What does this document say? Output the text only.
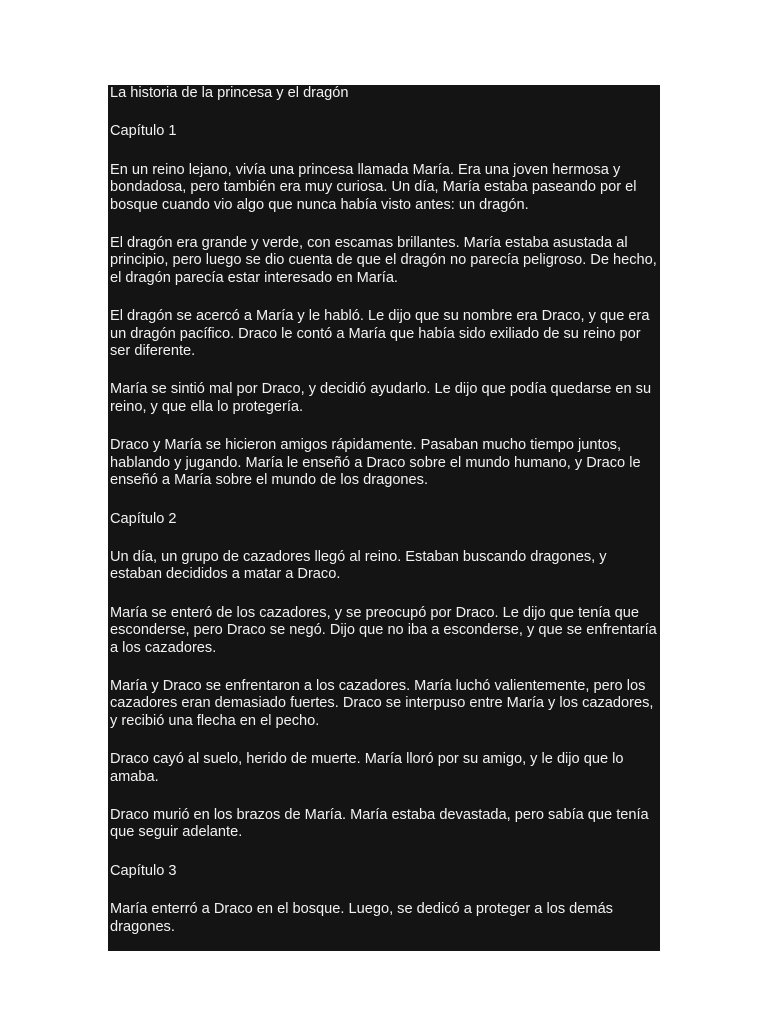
La historia de la princesa y el dragón

Capítulo 1

En un reino lejano, vivía una princesa llamada María. Era una joven hermosa y bondadosa, pero también era muy curiosa. Un día, María estaba paseando por el bosque cuando vio algo que nunca había visto antes: un dragón.

El dragón era grande y verde, con escamas brillantes. María estaba asustada al principio, pero luego se dio cuenta de que el dragón no parecía peligroso. De hecho, el dragón parecía estar interesado en María.

El dragón se acercó a María y le habló. Le dijo que su nombre era Draco, y que era un dragón pacífico. Draco le contó a María que había sido exiliado de su reino por ser diferente.

María se sintió mal por Draco, y decidió ayudarlo. Le dijo que podía quedarse en su reino, y que ella lo protegería.

Draco y María se hicieron amigos rápidamente. Pasaban mucho tiempo juntos, hablando y jugando. María le enseñó a Draco sobre el mundo humano, y Draco le enseñó a María sobre el mundo de los dragones.

Capítulo 2

Un día, un grupo de cazadores llegó al reino. Estaban buscando dragones, y estaban decididos a matar a Draco.

María se enteró de los cazadores, y se preocupó por Draco. Le dijo que tenía que esconderse, pero Draco se negó. Dijo que no iba a esconderse, y que se enfrentaría a los cazadores.

María y Draco se enfrentaron a los cazadores. María luchó valientemente, pero los cazadores eran demasiado fuertes. Draco se interpuso entre María y los cazadores, y recibió una flecha en el pecho.

Draco cayó al suelo, herido de muerte. María lloró por su amigo, y le dijo que lo amaba.

Draco murió en los brazos de María. María estaba devastada, pero sabía que tenía que seguir adelante.

Capítulo 3

María enterró a Draco en el bosque. Luego, se dedicó a proteger a los demás dragones.
